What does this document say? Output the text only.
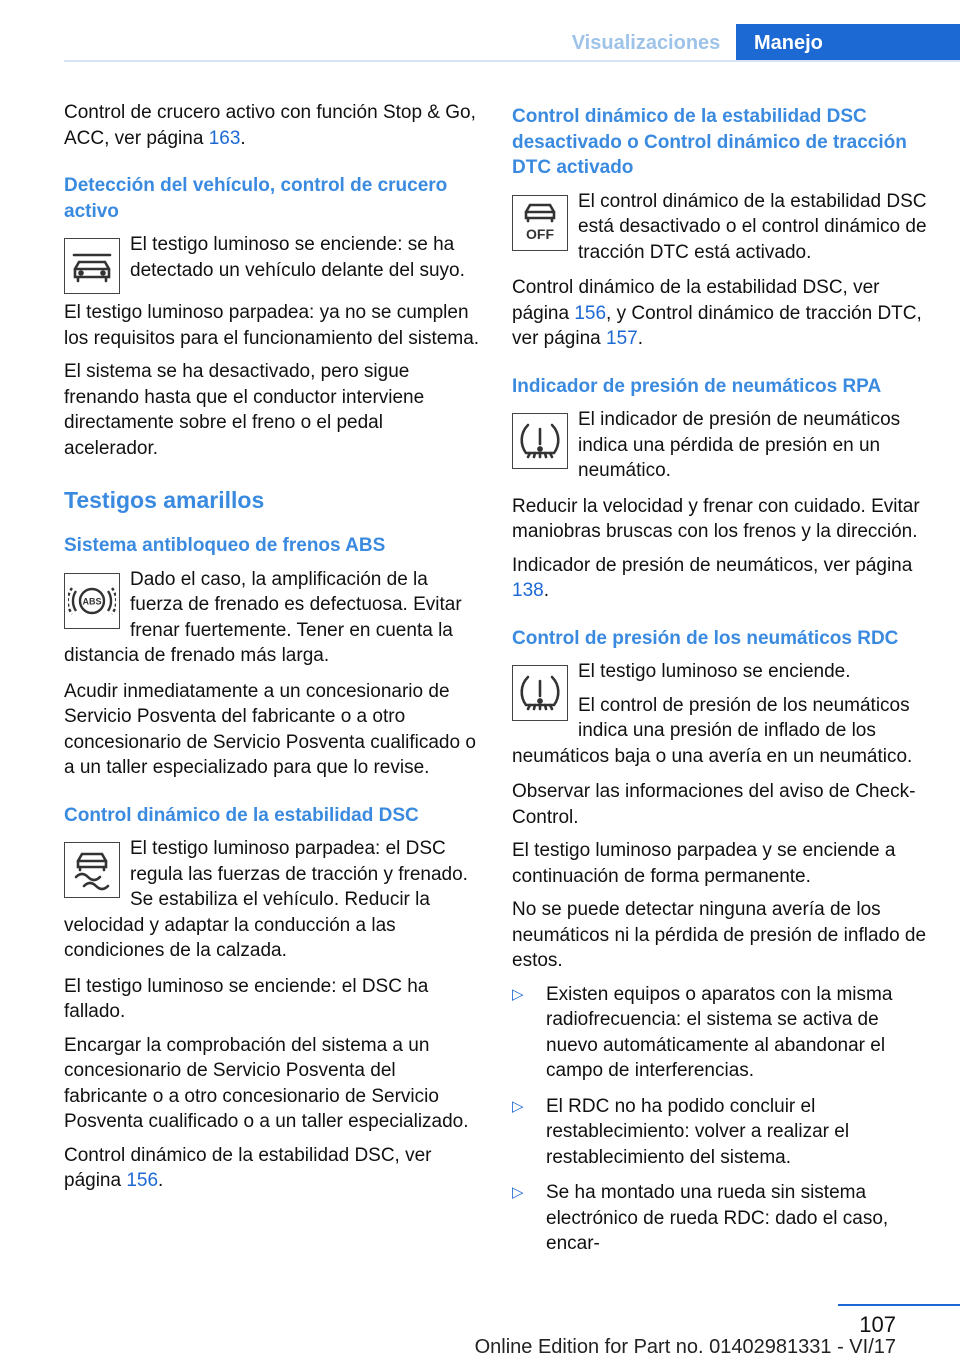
Visualizaciones	Manejo

Control de crucero activo con función Stop & Go, ACC, ver página 163.

Detección del vehículo, control de crucero activo

El testigo luminoso se enciende: se ha detectado un vehículo delante del suyo.

El testigo luminoso parpadea: ya no se cumplen los requisitos para el funcionamiento del sistema.

El sistema se ha desactivado, pero sigue frenando hasta que el conductor interviene directamente sobre el freno o el pedal acelerador.

Testigos amarillos
Sistema antibloqueo de frenos ABS
ABS

Dado el caso, la amplificación de la fuerza de frenado es defectuosa. Evitar frenar fuertemente. Tener en cuenta la distancia de frenado más larga.

Acudir inmediatamente a un concesionario de Servicio Posventa del fabricante o a otro concesionario de Servicio Posventa cualificado o a un taller especializado para que lo revise.

Control dinámico de la estabilidad DSC

El testigo luminoso parpadea: el DSC regula las fuerzas de tracción y frenado. Se estabiliza el vehículo. Reducir la velocidad y adaptar la conducción a las condiciones de la calzada.

El testigo luminoso se enciende: el DSC ha fallado.

Encargar la comprobación del sistema a un concesionario de Servicio Posventa del fabricante o a otro concesionario de Servicio Posventa cualificado o a un taller especializado.

Control dinámico de la estabilidad DSC, ver página 156.

Control dinámico de la estabilidad DSC desactivado o Control dinámico de tracción DTC activado
OFF

El control dinámico de la estabilidad DSC está desactivado o el control dinámico de tracción DTC está activado.

Control dinámico de la estabilidad DSC, ver página 156, y Control dinámico de tracción DTC, ver página 157.

Indicador de presión de neumáticos RPA

El indicador de presión de neumáticos indica una pérdida de presión en un neumático.

Reducir la velocidad y frenar con cuidado. Evitar maniobras bruscas con los frenos y la dirección.

Indicador de presión de neumáticos, ver página 138.

Control de presión de los neumáticos RDC

El testigo luminoso se enciende.

El control de presión de los neumáticos indica una presión de inflado de los neumáticos baja o una avería en un neumático.

Observar las informaciones del aviso de Check-Control.

El testigo luminoso parpadea y se enciende a continuación de forma permanente.

No se puede detectar ninguna avería de los neumáticos ni la pérdida de presión de inflado de estos.

▷ Existen equipos o aparatos con la misma radiofrecuencia: el sistema se activa de nuevo automáticamente al abandonar el campo de interferencias.
▷ El RDC no ha podido concluir el restablecimiento: volver a realizar el restablecimiento del sistema.
▷ Se ha montado una rueda sin sistema electrónico de rueda RDC: dado el caso, encar‐
107
Online Edition for Part no. 01402981331 - VI/17
